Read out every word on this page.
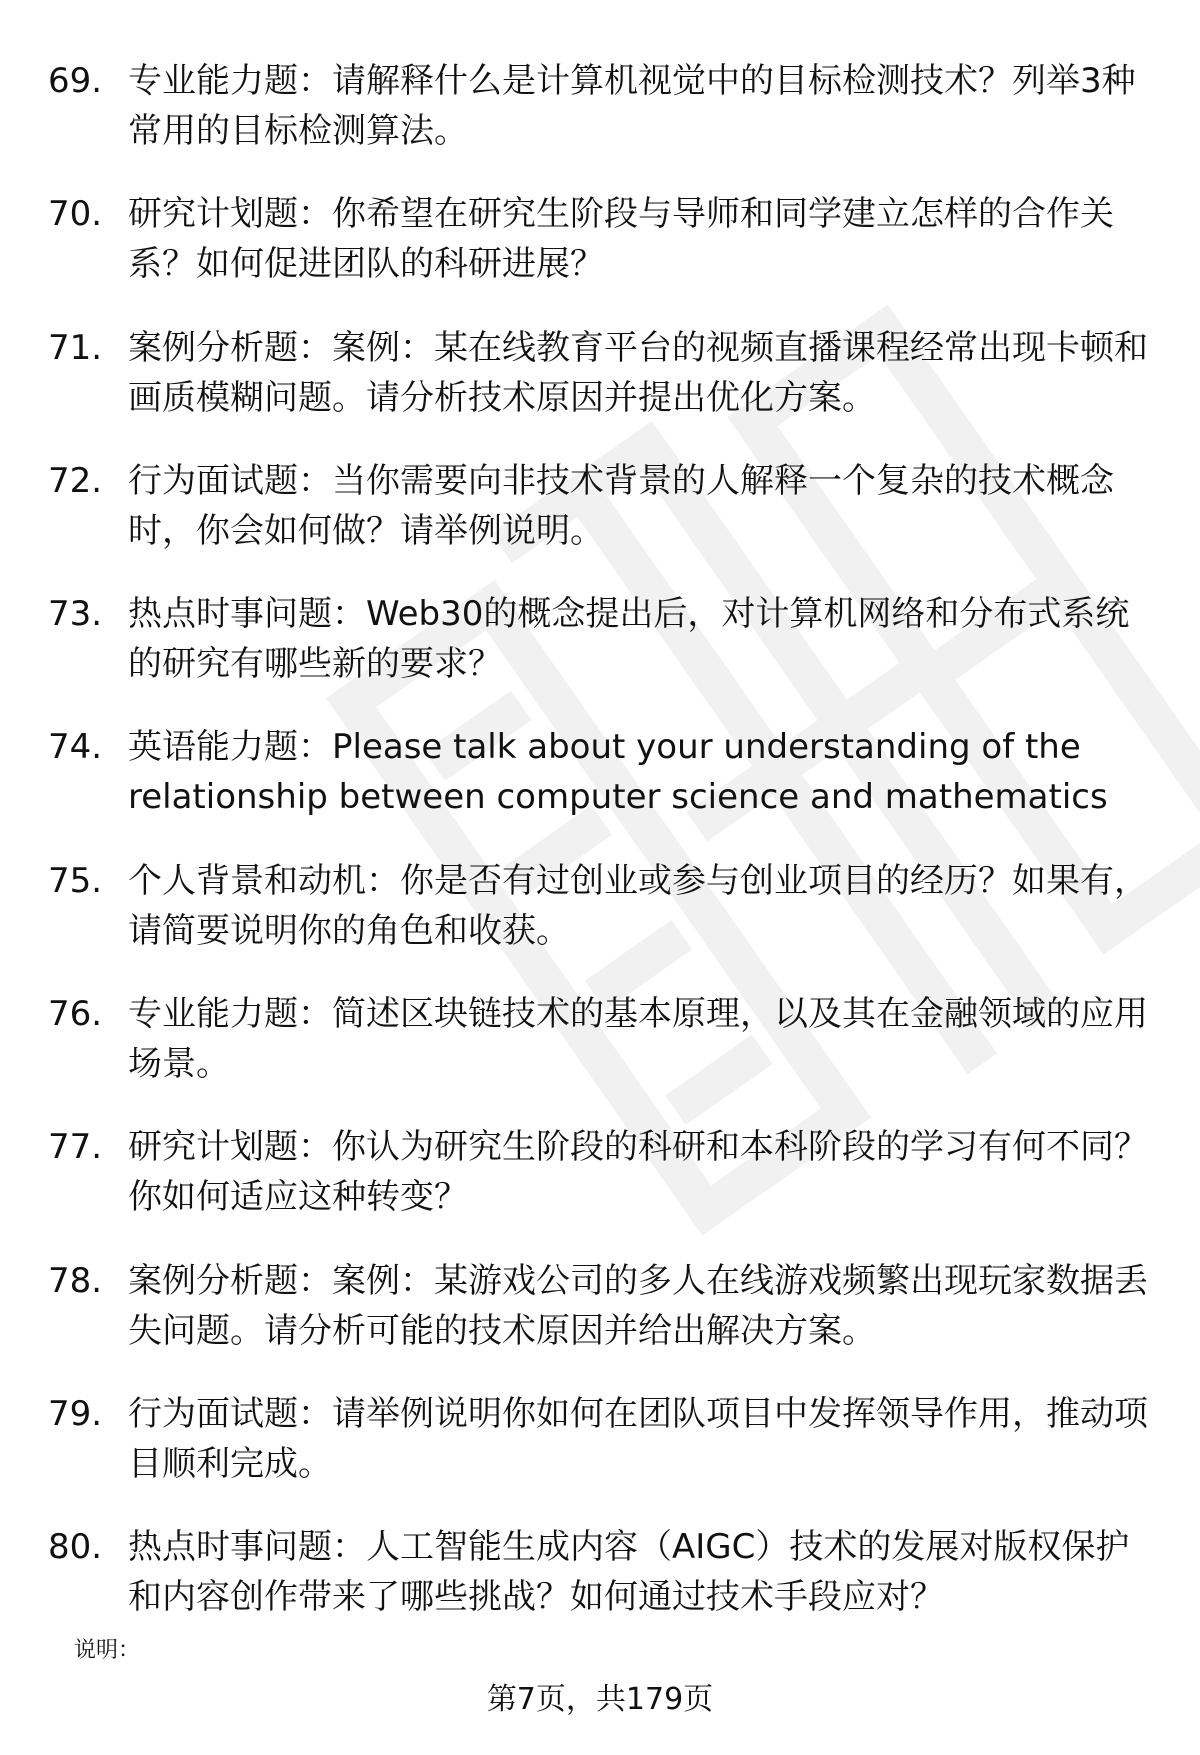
69. 专业能力题：请解释什么是计算机视觉中的目标检测技术？列举3种常用的目标检测算法。
70. 研究计划题：你希望在研究生阶段与导师和同学建立怎样的合作关系？如何促进团队的科研进展？
71. 案例分析题：案例：某在线教育平台的视频直播课程经常出现卡顿和画质模糊问题。请分析技术原因并提出优化方案。
72. 行为面试题：当你需要向非技术背景的人解释一个复杂的技术概念时，你会如何做？请举例说明。
73. 热点时事问题：Web30的概念提出后，对计算机网络和分布式系统的研究有哪些新的要求？
74. 英语能力题：Please talk about your understanding of the relationship between computer science and mathematics
75. 个人背景和动机：你是否有过创业或参与创业项目的经历？如果有，请简要说明你的角色和收获。
76. 专业能力题：简述区块链技术的基本原理，以及其在金融领域的应用场景。
77. 研究计划题：你认为研究生阶段的科研和本科阶段的学习有何不同？你如何适应这种转变？
78. 案例分析题：案例：某游戏公司的多人在线游戏频繁出现玩家数据丢失问题。请分析可能的技术原因并给出解决方案。
79. 行为面试题：请举例说明你如何在团队项目中发挥领导作用，推动项目顺利完成。
80. 热点时事问题：人工智能生成内容（AIGC）技术的发展对版权保护和内容创作带来了哪些挑战？如何通过技术手段应对？
说明：
第7页，共179页
